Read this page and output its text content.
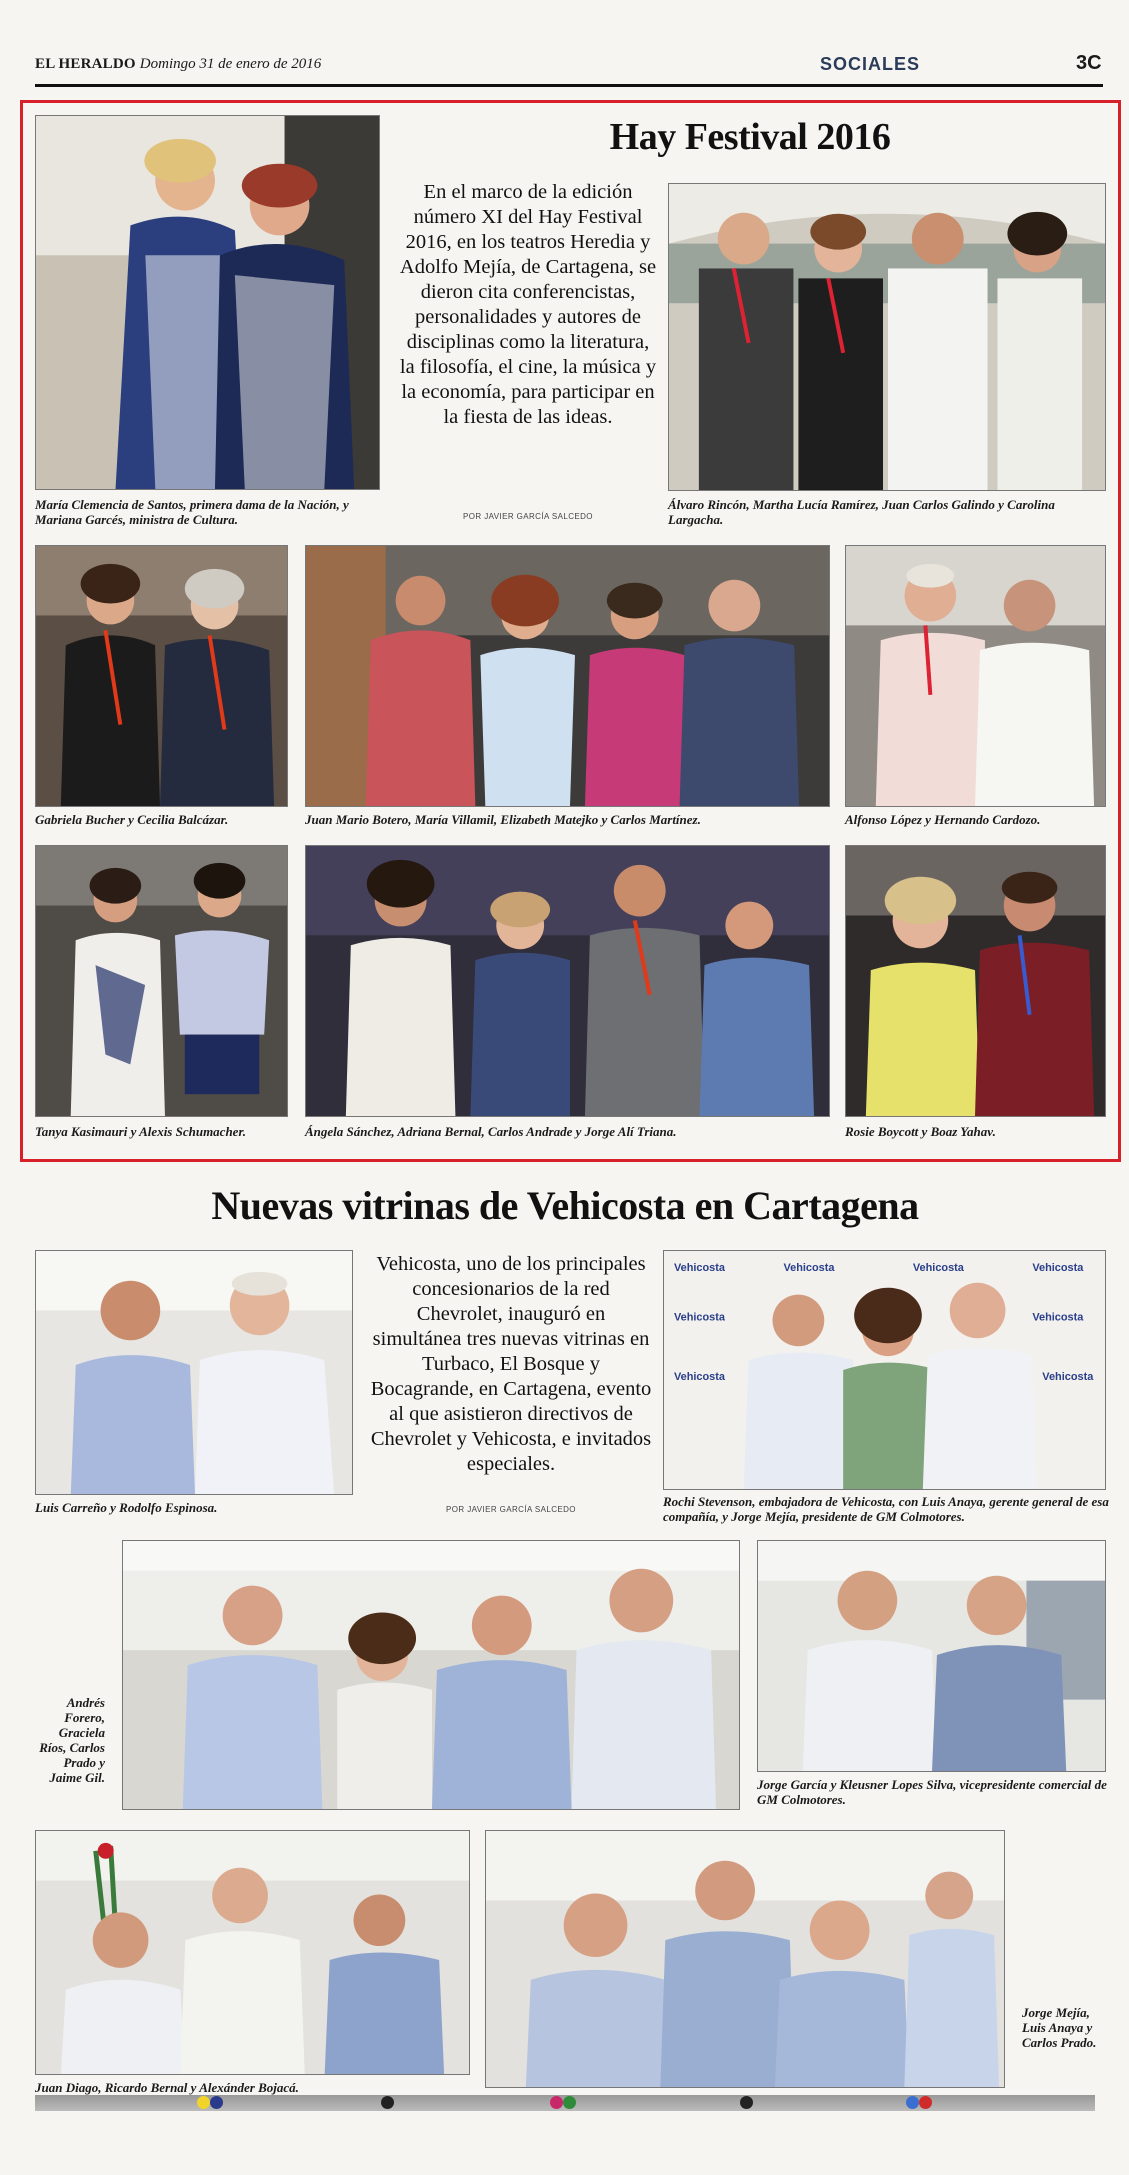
EL HERALDO Domingo 31 de enero de 2016	SOCIALES	3C
Hay Festival 2016
En el marco de la edición número XI del Hay Festival 2016, en los teatros Heredia y Adolfo Mejía, de Cartagena, se dieron cita conferencistas, personalidades y autores de disciplinas como la literatura, la filosofía, el cine, la música y la economía, para participar en la fiesta de las ideas.
POR JAVIER GARCÍA SALCEDO
María Clemencia de Santos, primera dama de la Nación, y Mariana Garcés, ministra de Cultura.
Álvaro Rincón, Martha Lucía Ramírez, Juan Carlos Galindo y Carolina Largacha.
Gabriela Bucher y Cecilia Balcázar.	Juan Mario Botero, María Villamil, Elizabeth Matejko y Carlos Martínez.	Alfonso López y Hernando Cardozo.
Tanya Kasimauri y Alexis Schumacher.	Ángela Sánchez, Adriana Bernal, Carlos Andrade y Jorge Alí Triana.	Rosie Boycott y Boaz Yahav.
Nuevas vitrinas de Vehicosta en Cartagena
Luis Carreño y Rodolfo Espinosa.
Vehicosta, uno de los principales concesionarios de la red Chevrolet, inauguró en simultánea tres nuevas vitrinas en Turbaco, El Bosque y Bocagrande, en Cartagena, evento al que asistieron directivos de Chevrolet y Vehicosta, e invitados especiales.
POR JAVIER GARCÍA SALCEDO
Vehicosta	Vehicosta	Vehicosta	Vehicosta
Vehicosta	Vehicosta
Vehicosta	Vehicosta
Rochi Stevenson, embajadora de Vehicosta, con Luis Anaya, gerente general de esa compañía, y Jorge Mejía, presidente de GM Colmotores.
Andrés Forero, Graciela Ríos, Carlos Prado y Jaime Gil.	Jorge García y Kleusner Lopes Silva, vicepresidente comercial de GM Colmotores.
Juan Diago, Ricardo Bernal y Alexánder Bojacá.
Jorge Mejía, Luis Anaya y Carlos Prado.
